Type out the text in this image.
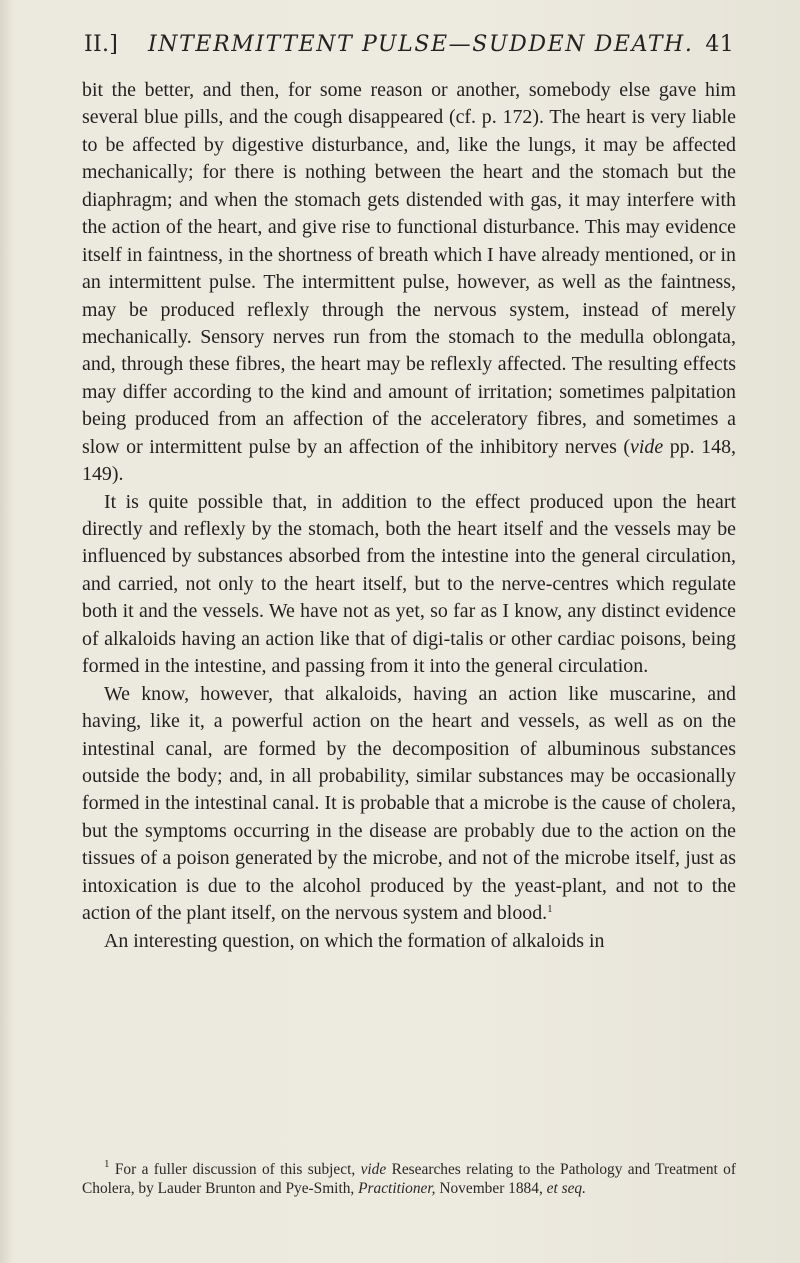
II.] INTERMITTENT PULSE—SUDDEN DEATH. 41

bit the better, and then, for some reason or another, somebody else gave him several blue pills, and the cough disappeared (cf. p. 172). The heart is very liable to be affected by digestive disturbance, and, like the lungs, it may be affected mechanically; for there is nothing between the heart and the stomach but the diaphragm; and when the stomach gets distended with gas, it may interfere with the action of the heart, and give rise to functional disturbance. This may evidence itself in faintness, in the shortness of breath which I have already mentioned, or in an intermittent pulse. The intermittent pulse, however, as well as the faintness, may be produced reflexly through the nervous system, instead of merely mechanically. Sensory nerves run from the stomach to the medulla oblongata, and, through these fibres, the heart may be reflexly affected. The resulting effects may differ according to the kind and amount of irritation; sometimes palpitation being produced from an affection of the acceleratory fibres, and sometimes a slow or intermittent pulse by an affection of the inhibitory nerves (vide pp. 148, 149).

It is quite possible that, in addition to the effect produced upon the heart directly and reflexly by the stomach, both the heart itself and the vessels may be influenced by substances absorbed from the intestine into the general circulation, and carried, not only to the heart itself, but to the nerve-centres which regulate both it and the vessels. We have not as yet, so far as I know, any distinct evidence of alkaloids having an action like that of digi-talis or other cardiac poisons, being formed in the intestine, and passing from it into the general circulation.

We know, however, that alkaloids, having an action like muscarine, and having, like it, a powerful action on the heart and vessels, as well as on the intestinal canal, are formed by the decomposition of albuminous substances outside the body; and, in all probability, similar substances may be occasionally formed in the intestinal canal. It is probable that a microbe is the cause of cholera, but the symptoms occurring in the disease are probably due to the action on the tissues of a poison generated by the microbe, and not of the microbe itself, just as intoxication is due to the alcohol produced by the yeast-plant, and not to the action of the plant itself, on the nervous system and blood.$^1$

An interesting question, on which the formation of alkaloids in

$^1$ For a fuller discussion of this subject, vide Researches relating to the Pathology and Treatment of Cholera, by Lauder Brunton and Pye-Smith, Practitioner, November 1884, et seq.
